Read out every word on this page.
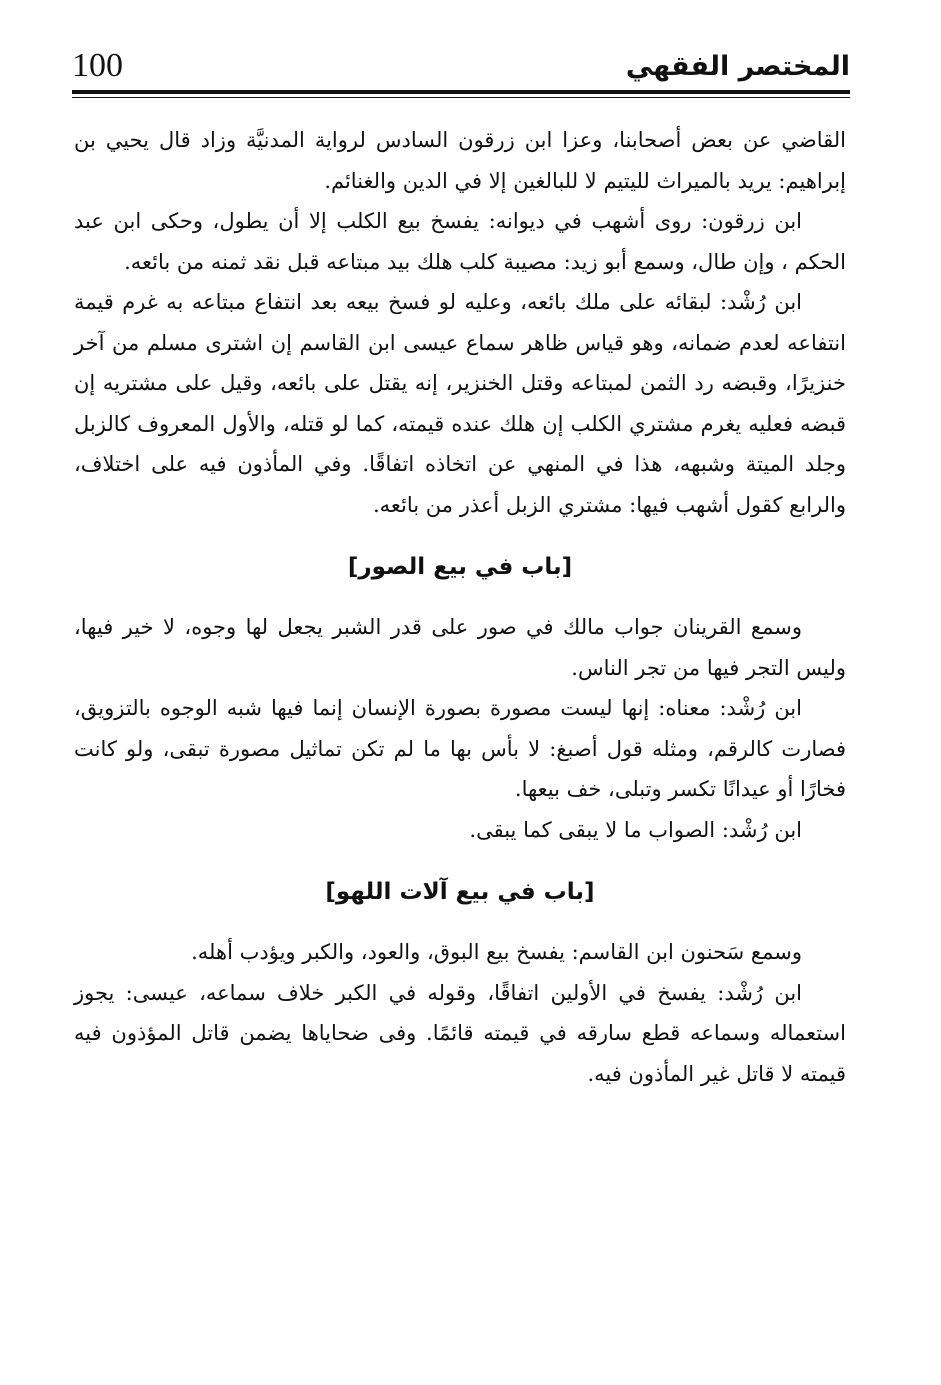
100	المختصر الفقهي

القاضي عن بعض أصحابنا، وعزا ابن زرقون السادس لرواية المدنيَّة وزاد قال يحيي بن إبراهيم: يريد بالميراث لليتيم لا للبالغين إلا في الدين والغنائم.

ابن زرقون: روى أشهب في ديوانه: يفسخ بيع الكلب إلا أن يطول، وحكى ابن عبد الحكم ، وإن طال، وسمع أبو زيد: مصيبة كلب هلك بيد مبتاعه قبل نقد ثمنه من بائعه.

ابن رُشْد: لبقائه على ملك بائعه، وعليه لو فسخ بيعه بعد انتفاع مبتاعه به غرم قيمة انتفاعه لعدم ضمانه، وهو قياس ظاهر سماع عيسى ابن القاسم إن اشترى مسلم من آخر خنزيرًا، وقبضه رد الثمن لمبتاعه وقتل الخنزير، إنه يقتل على بائعه، وقيل على مشتريه إن قبضه فعليه يغرم مشتري الكلب إن هلك عنده قيمته، كما لو قتله، والأول المعروف كالزبل وجلد الميتة وشبهه، هذا في المنهي عن اتخاذه اتفاقًا. وفي المأذون فيه على اختلاف، والرابع كقول أشهب فيها: مشتري الزبل أعذر من بائعه.

[باب في بيع الصور]

وسمع القرينان جواب مالك في صور على قدر الشبر يجعل لها وجوه، لا خير فيها، وليس التجر فيها من تجر الناس.

ابن رُشْد: معناه: إنها ليست مصورة بصورة الإنسان إنما فيها شبه الوجوه بالتزويق، فصارت كالرقم، ومثله قول أصبغ: لا بأس بها ما لم تكن تماثيل مصورة تبقى، ولو كانت فخارًا أو عيدانًا تكسر وتبلى، خف بيعها.

ابن رُشْد: الصواب ما لا يبقى كما يبقى.

[باب في بيع آلات اللهو]

وسمع سَحنون ابن القاسم: يفسخ بيع البوق، والعود، والكبر ويؤدب أهله.

ابن رُشْد: يفسخ في الأولين اتفاقًا، وقوله في الكبر خلاف سماعه، عيسى: يجوز استعماله وسماعه قطع سارقه في قيمته قائمًا. وفى ضحاياها يضمن قاتل المؤذون فيه قيمته لا قاتل غير المأذون فيه.
